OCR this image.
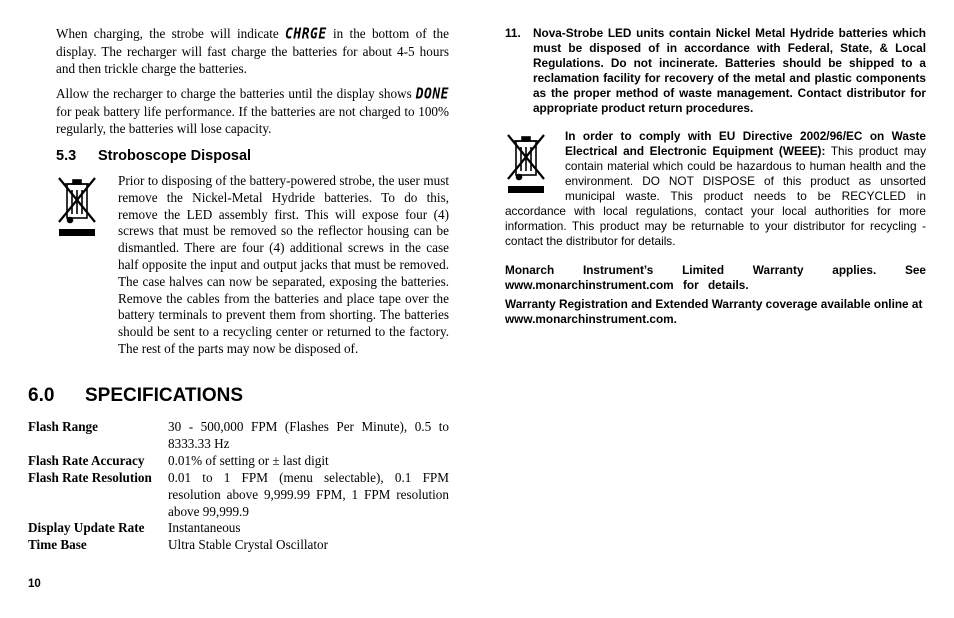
When charging, the strobe will indicate CHRGE in the bottom of the display. The recharger will fast charge the batteries for about 4-5 hours and then trickle charge the batteries.

Allow the recharger to charge the batteries until the display shows DONE for peak battery life performance. If the batteries are not charged to 100% regularly, the batteries will lose capacity.

5.3 Stroboscope Disposal

Prior to disposing of the battery-powered strobe, the user must remove the Nickel-Metal Hydride batteries. To do this, remove the LED assembly first. This will expose four (4) screws that must be removed so the reflector housing can be dismantled. There are four (4) additional screws in the case half opposite the input and output jacks that must be removed. The case halves can now be separated, exposing the batteries. Remove the cables from the batteries and place tape over the battery terminals to prevent them from shorting. The batteries should be sent to a recycling center or returned to the factory. The rest of the parts may now be disposed of.

6.0 SPECIFICATIONS
Flash Range	30 - 500,000 FPM (Flashes Per Minute), 0.5 to 8333.33 Hz
Flash Rate Accuracy 0.01% of setting or ± last digit
Flash Rate Resolution 0.01 to 1 FPM (menu selectable), 0.1 FPM resolution above 9,999.99 FPM, 1 FPM resolution above 99,999.9
Display Update Rate Instantaneous
Time Base	Ultra Stable Crystal Oscillator
10
11. Nova-Strobe LED units contain Nickel Metal Hydride batteries which must be disposed of in accordance with Federal, State, & Local Regulations. Do not incinerate. Batteries should be shipped to a reclamation facility for recovery of the metal and plastic components as the proper method of waste management. Contact distributor for appropriate product return procedures.

In order to comply with EU Directive 2002/96/EC on Waste Electrical and Electronic Equipment (WEEE): This product may contain material which could be hazardous to human health and the environment. DO NOT DISPOSE of this product as unsorted municipal waste. This product needs to be RECYCLED in accordance with local regulations, contact your local authorities for more information. This product may be returnable to your distributor for recycling - contact the distributor for details.

Monarch Instrument’s Limited Warranty applies. See www.monarchinstrument.com for details.

Warranty Registration and Extended Warranty coverage available online at www.monarchinstrument.com.
